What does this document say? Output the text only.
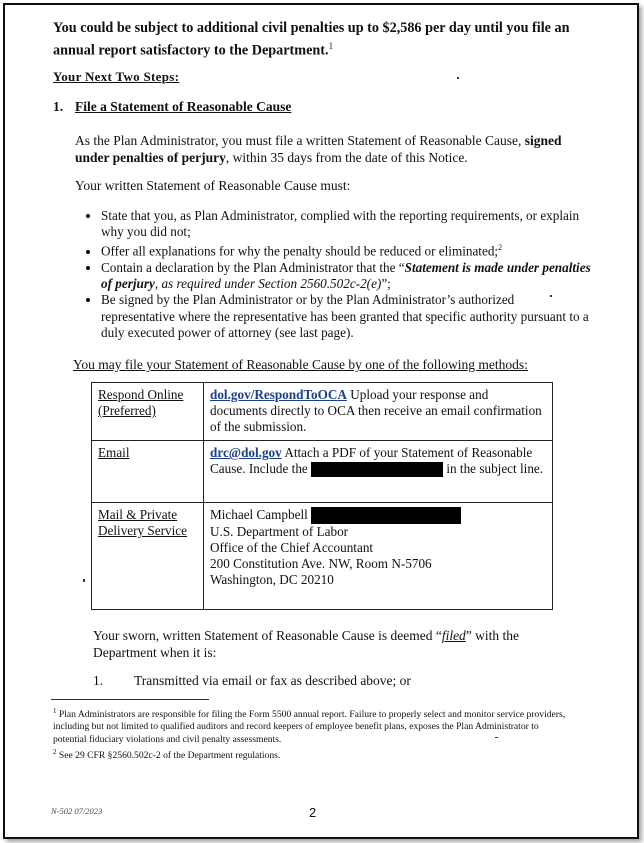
You could be subject to additional civil penalties up to $2,586 per day until you file an annual report satisfactory to the Department.$^1$
Your Next Two Steps:
1. File a Statement of Reasonable Cause
As the Plan Administrator, you must file a written Statement of Reasonable Cause, signed under penalties of perjury, within 35 days from the date of this Notice.
Your written Statement of Reasonable Cause must:
• State that you, as Plan Administrator, complied with the reporting requirements, or explain why you did not;
• Offer all explanations for why the penalty should be reduced or eliminated;$^2$
• Contain a declaration by the Plan Administrator that the “Statement is made under penalties of perjury, as required under Section 2560.502c-2(e)”;
• Be signed by the Plan Administrator or by the Plan Administrator’s authorized representative where the representative has been granted that specific authority pursuant to a duly executed power of attorney (see last page).
You may file your Statement of Reasonable Cause by one of the following methods:
Respond Online (Preferred)	dol.gov/RespondToOCA Upload your response and documents directly to OCA then receive an email confirmation of the submission.
Email	drc@dol.gov Attach a PDF of your Statement of Reasonable Cause. Include the in the subject line.
Mail & Private Delivery Service	Michael Campbell
U.S. Department of Labor
Office of the Chief Accountant
200 Constitution Ave. NW, Room N-5706
Washington, DC 20210
Your sworn, written Statement of Reasonable Cause is deemed “filed” with the Department when it is:
1. Transmitted via email or fax as described above; or
$^1$ Plan Administrators are responsible for filing the Form 5500 annual report. Failure to properly select and monitor service providers, including but not limited to qualified auditors and record keepers of employee benefit plans, exposes the Plan Administrator to potential fiduciary violations and civil penalty assessments.
$^2$ See 29 CFR §2560.502c-2 of the Department regulations.
N-502 07/2023	2
